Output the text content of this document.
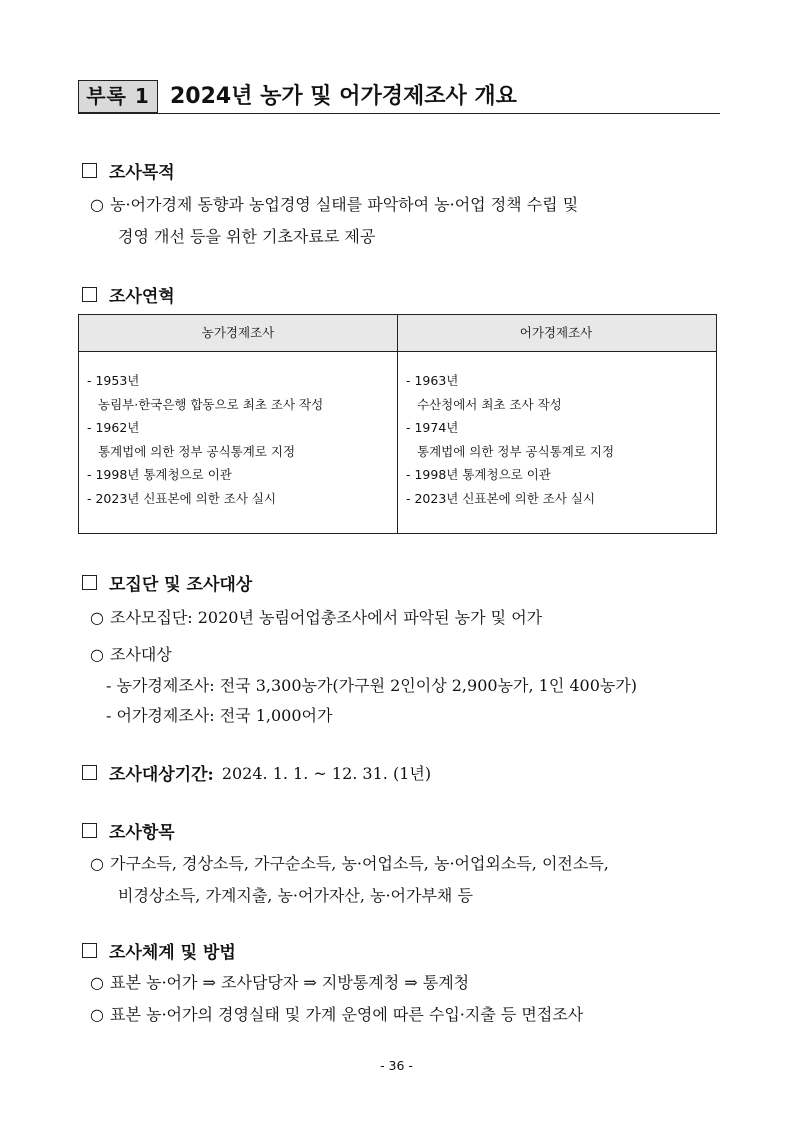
부록 1 2024년 농가 및 어가경제조사 개요
조사목적
○ 농·어가경제 동향과 농업경영 실태를 파악하여 농·어업 정책 수립 및
경영 개선 등을 위한 기초자료로 제공
조사연혁
농가경제조사	어가경제조사
- 1953년
농림부·한국은행 합동으로 최초 조사 작성
- 1962년
통계법에 의한 정부 공식통계로 지정
- 1998년 통계청으로 이관
- 2023년 신표본에 의한 조사 실시
- 1963년
수산청에서 최초 조사 작성
- 1974년
통계법에 의한 정부 공식통계로 지정
- 1998년 통계청으로 이관
- 2023년 신표본에 의한 조사 실시
모집단 및 조사대상
○ 조사모집단: 2020년 농림어업총조사에서 파악된 농가 및 어가
○ 조사대상
- 농가경제조사: 전국 3,300농가(가구원 2인이상 2,900농가, 1인 400농가)
- 어가경제조사: 전국 1,000어가
조사대상기간: 2024. 1. 1. ~ 12. 31. (1년)
조사항목
○ 가구소득, 경상소득, 가구순소득, 농·어업소득, 농·어업외소득, 이전소득,
비경상소득, 가계지출, 농·어가자산, 농·어가부채 등
조사체계 및 방법
○ 표본 농·어가 ⇒ 조사담당자 ⇒ 지방통계청 ⇒ 통계청
○ 표본 농·어가의 경영실태 및 가계 운영에 따른 수입·지출 등 면접조사
- 36 -
